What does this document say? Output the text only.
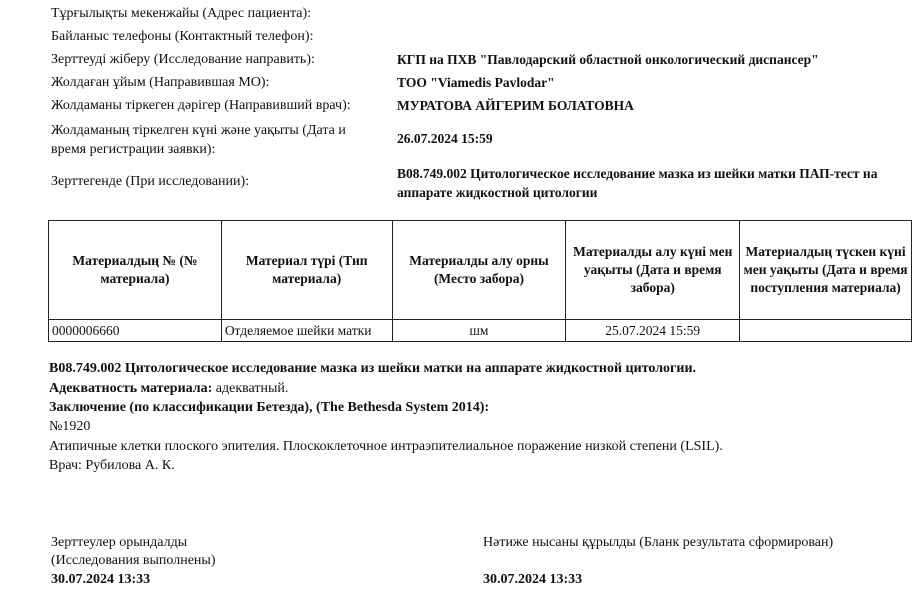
Тұрғылықты мекенжайы (Адрес пациента):
Байланыс телефоны (Контактный телефон):
Зерттеуді жіберу (Исследование направить):	КГП на ПХВ "Павлодарский областной онкологический диспансер"
Жолдаған ұйым (Направившая МО):	ТОО "Viamedis Pavlodar"
Жолдаманы тіркеген дәрігер (Направивший врач):	МУРАТОВА АЙГЕРИМ БОЛАТОВНА
Жолдаманың тіркелген күні және уақыты (Дата и время регистрации заявки):
26.07.2024 15:59
Зерттегенде (При исследовании):
B08.749.002 Цитологическое исследование мазка из шейки матки ПАП-тест на аппарате жидкостной цитологии
Материалдың № (№ материала)	Материал түрі (Тип материала)	Материалды алу орны (Место забора)	Материалды алу күні мен уақыты (Дата и время забора)	Материалдың түскен күні мен уақыты (Дата и время поступления материала)
0000006660	Отделяемое шейки матки	шм	25.07.2024 15:59	
B08.749.002 Цитологическое исследование мазка из шейки матки на аппарате жидкостной цитологии.
Адекватность материала: адекватный.
Заключение (по классификации Бетезда), (The Bethesda System 2014):
№1920
Атипичные клетки плоского эпителия. Плоскоклеточное интраэпителиальное поражение низкой степени (LSIL).
Врач: Рубилова А. К.
Зерттеулер орындалды
(Исследования выполнены)
30.07.2024 13:33
Нәтиже нысаны құрылды (Бланк результата сформирован)
30.07.2024 13:33
